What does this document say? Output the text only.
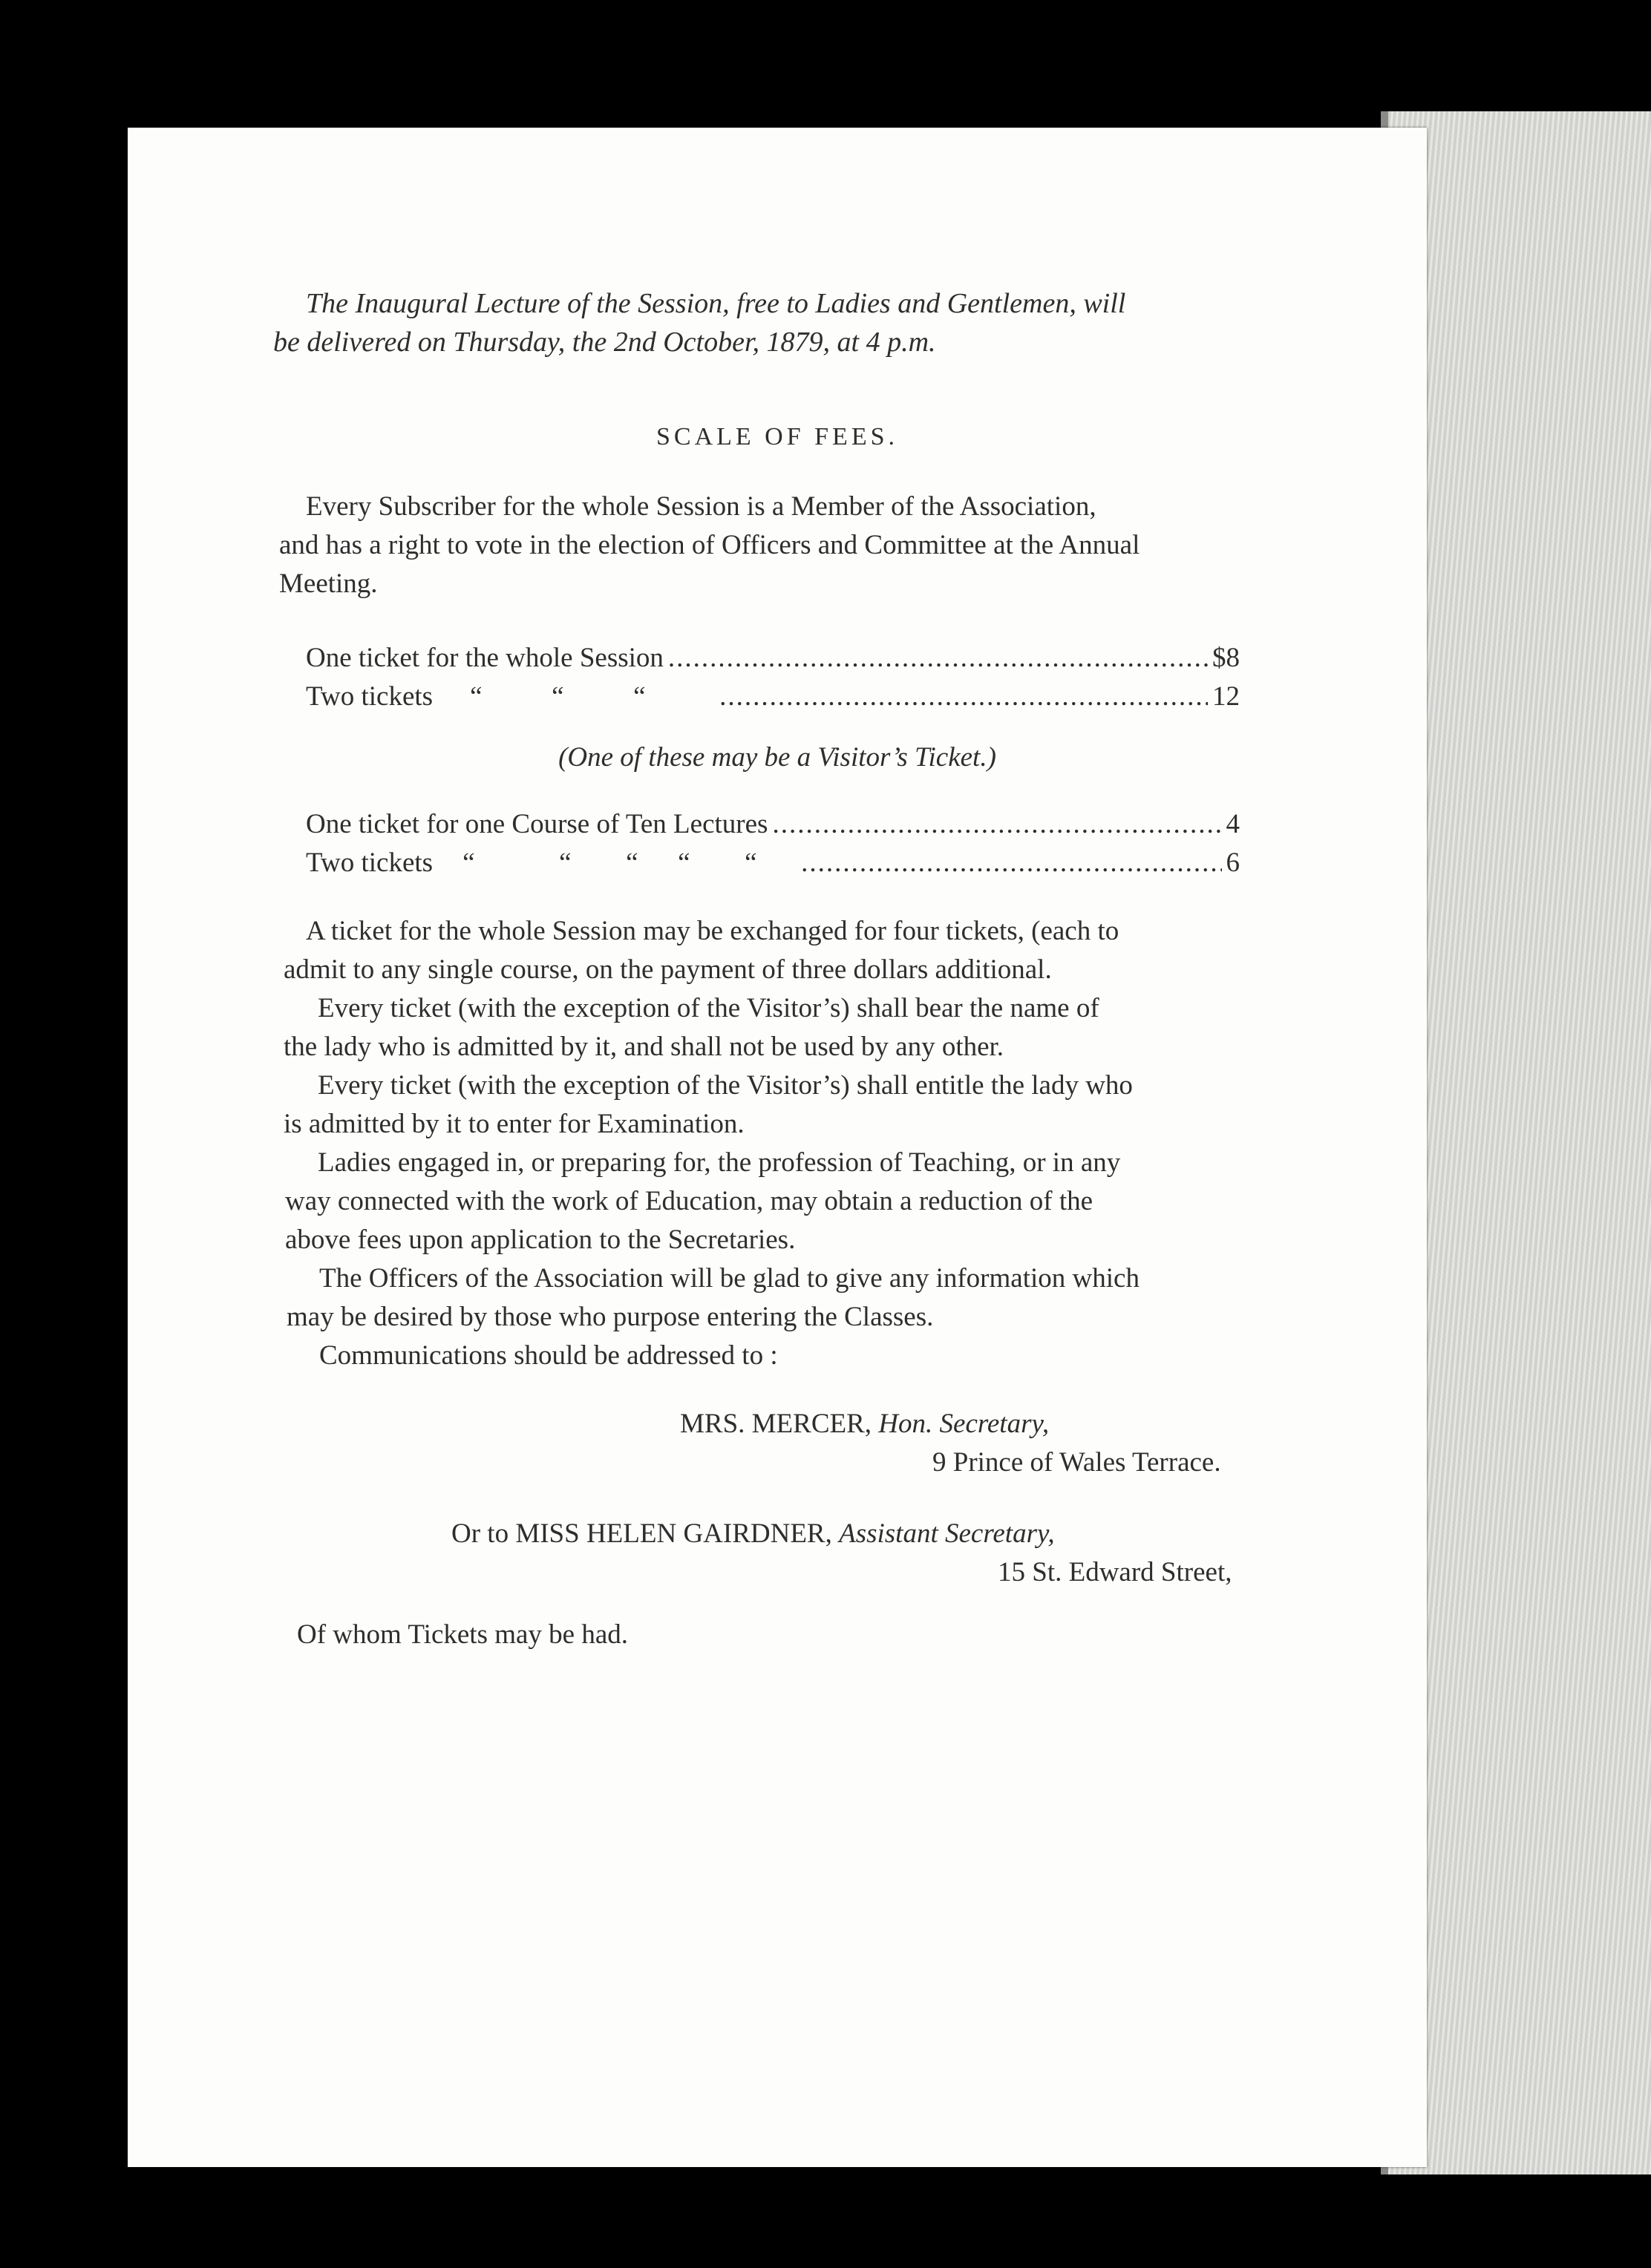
The Inaugural Lecture of the Session, free to Ladies and Gentlemen, will
be delivered on Thursday, the 2nd October, 1879, at 4 p.m.
SCALE OF FEES.
Every Subscriber for the whole Session is a Member of the Association,
and has a right to vote in the election of Officers and Committee at the Annual
Meeting.
One ticket for the whole Session .....	$8
Two tickets “	“	“ .....	12
(One of these may be a Visitor’s Ticket.)
One ticket for one Course of Ten Lectures .....	4
Two tickets “	“ “ “ “ .....	6
A ticket for the whole Session may be exchanged for four tickets, (each to
admit to any single course, on the payment of three dollars additional.
Every ticket (with the exception of the Visitor’s) shall bear the name of
the lady who is admitted by it, and shall not be used by any other.
Every ticket (with the exception of the Visitor’s) shall entitle the lady who
is admitted by it to enter for Examination.
Ladies engaged in, or preparing for, the profession of Teaching, or in any
way connected with the work of Education, may obtain a reduction of the
above fees upon application to the Secretaries.
The Officers of the Association will be glad to give any information which
may be desired by those who purpose entering the Classes.
Communications should be addressed to :
MRS. MERCER, Hon. Secretary,
9 Prince of Wales Terrace.
Or to MISS HELEN GAIRDNER, Assistant Secretary,
15 St. Edward Street,
Of whom Tickets may be had.
